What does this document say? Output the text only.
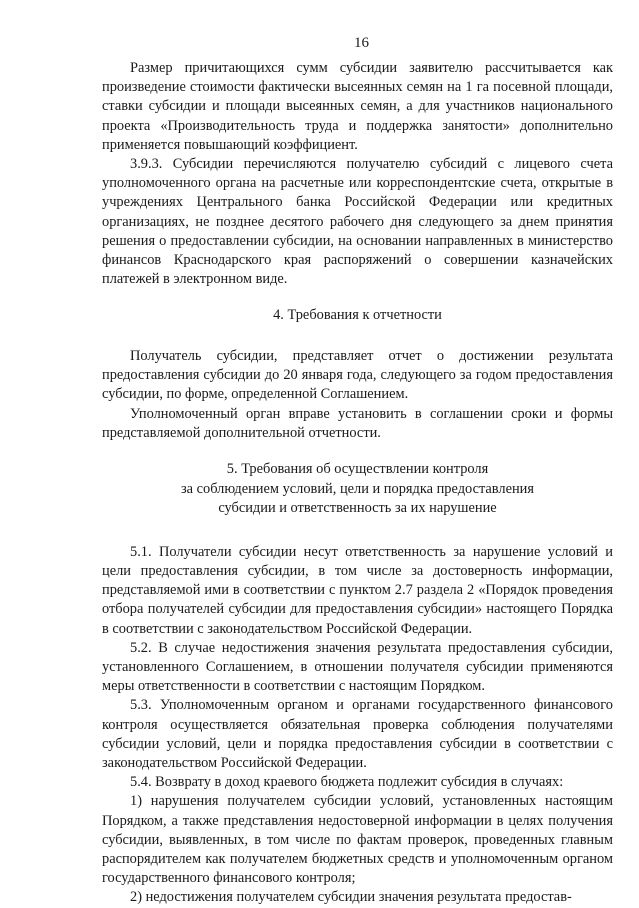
16

Размер причитающихся сумм субсидии заявителю рассчитывается как произведение стоимости фактически высеянных семян на 1 га посевной площади, ставки субсидии и площади высеянных семян, а для участников национального проекта «Производительность труда и поддержка занятости» дополнительно применяется повышающий коэффициент.

3.9.3. Субсидии перечисляются получателю субсидий с лицевого счета уполномоченного органа на расчетные или корреспондентские счета, открытые в учреждениях Центрального банка Российской Федерации или кредитных организациях, не позднее десятого рабочего дня следующего за днем принятия решения о предоставлении субсидии, на основании направленных в министерство финансов Краснодарского края распоряжений о совершении казначейских платежей в электронном виде.

4. Требования к отчетности

Получатель субсидии, представляет отчет о достижении результата предоставления субсидии до 20 января года, следующего за годом предоставления субсидии, по форме, определенной Соглашением.

Уполномоченный орган вправе установить в соглашении сроки и формы представляемой дополнительной отчетности.

5. Требования об осуществлении контроля
за соблюдением условий, цели и порядка предоставления
субсидии и ответственность за их нарушение

5.1. Получатели субсидии несут ответственность за нарушение условий и цели предоставления субсидии, в том числе за достоверность информации, представляемой ими в соответствии с пунктом 2.7 раздела 2 «Порядок проведения отбора получателей субсидии для предоставления субсидии» настоящего Порядка в соответствии с законодательством Российской Федерации.

5.2. В случае недостижения значения результата предоставления субсидии, установленного Соглашением, в отношении получателя субсидии применяются меры ответственности в соответствии с настоящим Порядком.

5.3. Уполномоченным органом и органами государственного финансового контроля осуществляется обязательная проверка соблюдения получателями субсидии условий, цели и порядка предоставления субсидии в соответствии с законодательством Российской Федерации.

5.4. Возврату в доход краевого бюджета подлежит субсидия в случаях:

1) нарушения получателем субсидии условий, установленных настоящим Порядком, а также представления недостоверной информации в целях получения субсидии, выявленных, в том числе по фактам проверок, проведенных главным распорядителем как получателем бюджетных средств и уполномоченным органом государственного финансового контроля;

2) недостижения получателем субсидии значения результата предостав-
